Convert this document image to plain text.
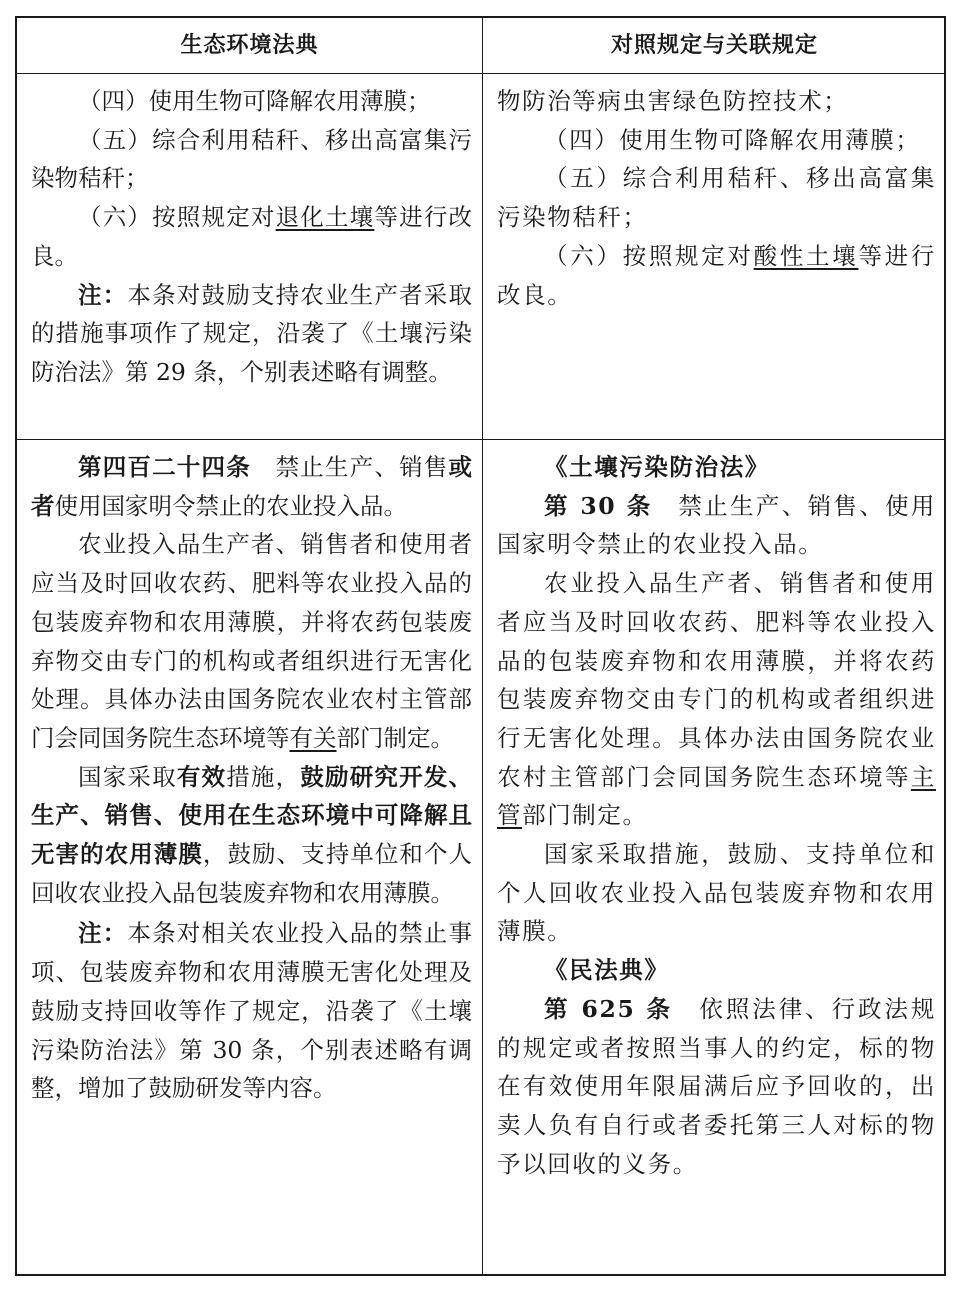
生态环境法典	对照规定与关联规定

（四）使用生物可降解农用薄膜；

（五）综合利用秸秆、移出高富集污染物秸秆；

（六）按照规定对退化土壤等进行改良。

注：本条对鼓励支持农业生产者采取的措施事项作了规定，沿袭了《土壤污染防治法》第 29 条，个别表述略有调整。

物防治等病虫害绿色防控技术；

（四）使用生物可降解农用薄膜；

（五）综合利用秸秆、移出高富集污染物秸秆；

（六）按照规定对酸性土壤等进行改良。

第四百二十四条  禁止生产、销售或者使用国家明令禁止的农业投入品。

农业投入品生产者、销售者和使用者应当及时回收农药、肥料等农业投入品的包装废弃物和农用薄膜，并将农药包装废弃物交由专门的机构或者组织进行无害化处理。具体办法由国务院农业农村主管部门会同国务院生态环境等有关部门制定。

国家采取有效措施，鼓励研究开发、生产、销售、使用在生态环境中可降解且无害的农用薄膜，鼓励、支持单位和个人回收农业投入品包装废弃物和农用薄膜。

注：本条对相关农业投入品的禁止事项、包装废弃物和农用薄膜无害化处理及鼓励支持回收等作了规定，沿袭了《土壤污染防治法》第 30 条，个别表述略有调整，增加了鼓励研发等内容。

《土壤污染防治法》

第 30 条  禁止生产、销售、使用国家明令禁止的农业投入品。

农业投入品生产者、销售者和使用者应当及时回收农药、肥料等农业投入品的包装废弃物和农用薄膜，并将农药包装废弃物交由专门的机构或者组织进行无害化处理。具体办法由国务院农业农村主管部门会同国务院生态环境等主管部门制定。

国家采取措施，鼓励、支持单位和个人回收农业投入品包装废弃物和农用薄膜。

《民法典》

第 625 条  依照法律、行政法规的规定或者按照当事人的约定，标的物在有效使用年限届满后应予回收的，出卖人负有自行或者委托第三人对标的物予以回收的义务。
